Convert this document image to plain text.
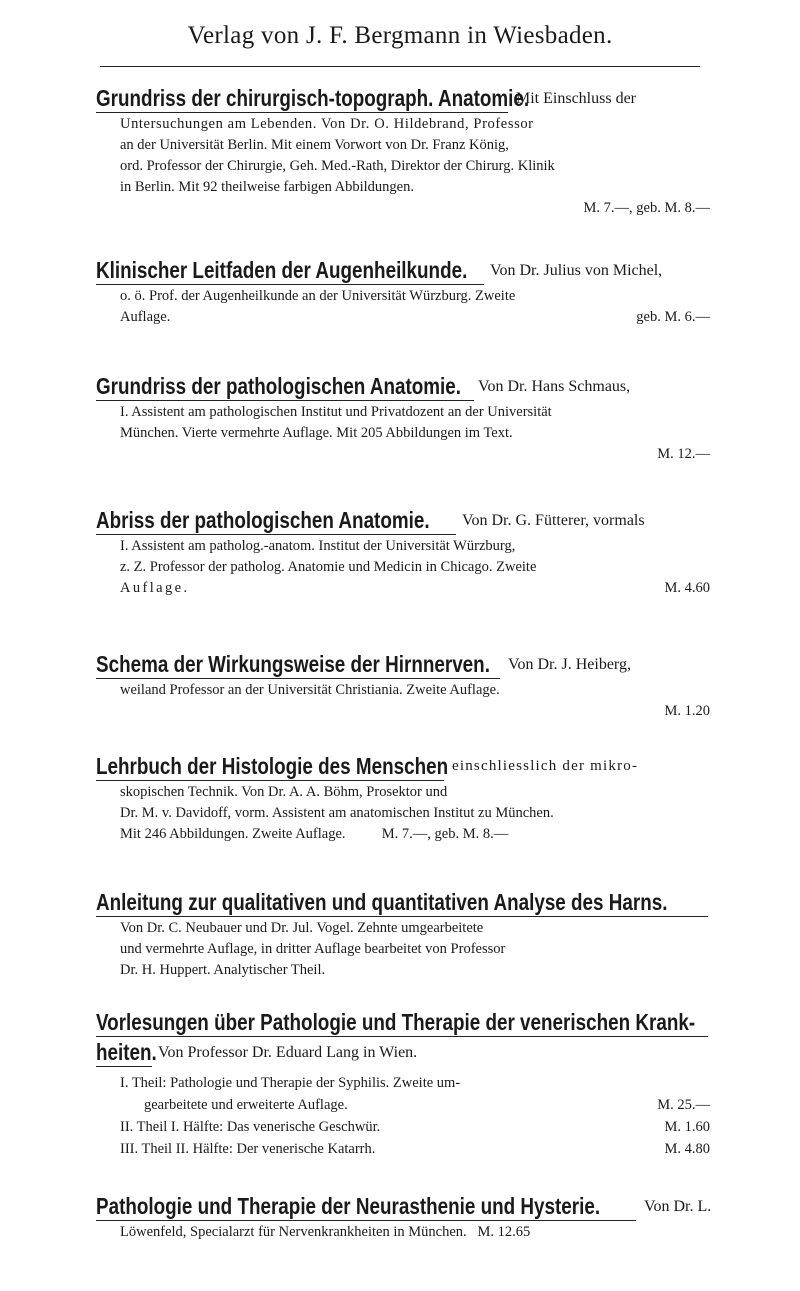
Verlag von J. F. Bergmann in Wiesbaden.
Grundriss der chirurgisch-topograph. Anatomie.
Mit Einschluss der

Untersuchungen am Lebenden. Von Dr. O. Hildebrand, Professor

an der Universität Berlin. Mit einem Vorwort von Dr. Franz König,

ord. Professor der Chirurgie, Geh. Med.-Rath, Direktor der Chirurg. Klinik

in Berlin. Mit 92 theilweise farbigen Abbildungen.

M. 7.—, geb. M. 8.—
Klinischer Leitfaden der Augenheilkunde. Von Dr. Julius von Michel,

o. ö. Prof. der Augenheilkunde an der Universität Würzburg. Zweite

Auflage.	geb. M. 6.—
Grundriss der pathologischen Anatomie. Von Dr. Hans Schmaus,

I. Assistent am pathologischen Institut und Privatdozent an der Universität

München. Vierte vermehrte Auflage. Mit 205 Abbildungen im Text.

M. 12.—
Abriss der pathologischen Anatomie. Von Dr. G. Fütterer, vormals

I. Assistent am patholog.-anatom. Institut der Universität Würzburg,

z. Z. Professor der patholog. Anatomie und Medicin in Chicago. Zweite

Auflage.	M. 4.60
Schema der Wirkungsweise der Hirnnerven. Von Dr. J. Heiberg,

weiland Professor an der Universität Christiania. Zweite Auflage.

M. 1.20
Lehrbuch der Histologie des Menschen einschliesslich der mikro-

skopischen Technik. Von Dr. A. A. Böhm, Prosektor und

Dr. M. v. Davidoff, vorm. Assistent am anatomischen Institut zu München.

Mit 246 Abbildungen. Zweite Auflage.          M. 7.—, geb. M. 8.—

Anleitung zur qualitativen und quantitativen Analyse des Harns.

Von Dr. C. Neubauer und Dr. Jul. Vogel. Zehnte umgearbeitete

und vermehrte Auflage, in dritter Auflage bearbeitet von Professor

Dr. H. Huppert. Analytischer Theil.

Vorlesungen über Pathologie und Therapie der venerischen Krank-
heiten. Von Professor Dr. Eduard Lang in Wien.
I. Theil: Pathologie und Therapie der Syphilis. Zweite um-
gearbeitete und erweiterte Auflage.	M. 25.—
II. Theil I. Hälfte: Das venerische Geschwür.	M. 1.60
III. Theil II. Hälfte: Der venerische Katarrh.	M. 4.80
Pathologie und Therapie der Neurasthenie und Hysterie.	Von Dr. L.

Löwenfeld, Specialarzt für Nervenkrankheiten in München.   M. 12.65
